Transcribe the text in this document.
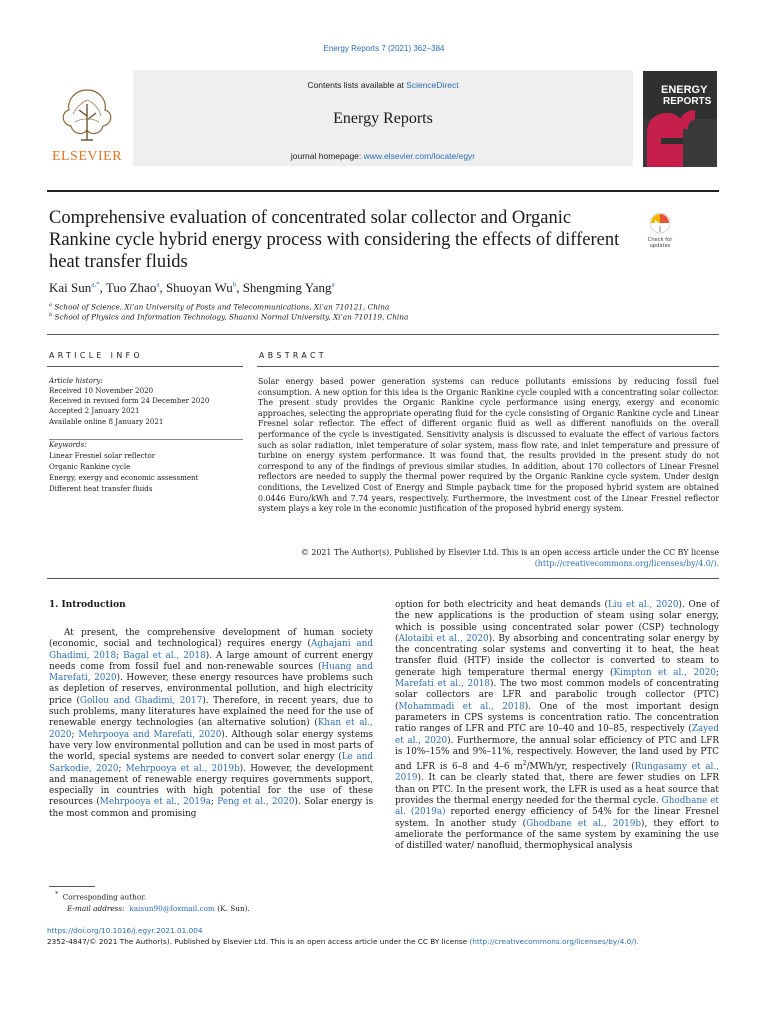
Energy Reports 7 (2021) 362–384
ELSEVIER
Contents lists available at ScienceDirect
Energy Reports
journal homepage: www.elsevier.com/locate/egyr
ENERGY
REPORTS
Comprehensive evaluation of concentrated solar collector and Organic Rankine cycle hybrid energy process with considering the effects of different heat transfer fluids
Check for
updates
Kai Sun$^{a,*}$, Tuo Zhao$^a$, Shuoyan Wu$^b$, Shengming Yang$^a$
$^a$ School of Science, Xi’an University of Posts and Telecommunications, Xi’an 710121, China
$^b$ School of Physics and Information Technology, Shaanxi Normal University, Xi’an 710119, China
ARTICLE INFO
Article history:
Received 10 November 2020
Received in revised form 24 December 2020
Accepted 2 January 2021
Available online 8 January 2021
Keywords:
Linear Fresnel solar reflector
Organic Rankine cycle
Energy, exergy and economic assessment
Different heat transfer fluids
ABSTRACT
Solar energy based power generation systems can reduce pollutants emissions by reducing fossil fuel consumption. A new option for this idea is the Organic Rankine cycle coupled with a concentrating solar collector. The present study provides the Organic Rankine cycle performance using energy, exergy and economic approaches, selecting the appropriate operating fluid for the cycle consisting of Organic Rankine cycle and Linear Fresnel solar reflector. The effect of different organic fluid as well as different nanofluids on the overall performance of the cycle is investigated. Sensitivity analysis is discussed to evaluate the effect of various factors such as solar radiation, inlet temperature of solar system, mass flow rate, and inlet temperature and pressure of turbine on energy system performance. It was found that, the results provided in the present study do not correspond to any of the findings of previous similar studies. In addition, about 170 collectors of Linear Fresnel reflectors are needed to supply the thermal power required by the Organic Rankine cycle system. Under design conditions, the Levelized Cost of Energy and Simple payback time for the proposed hybrid system are obtained 0.0446 Euro/kWh and 7.74 years, respectively. Furthermore, the investment cost of the Linear Fresnel reflector system plays a key role in the economic justification of the proposed hybrid energy system.
© 2021 The Author(s). Published by Elsevier Ltd. This is an open access article under the CC BY license
(http://creativecommons.org/licenses/by/4.0/).
1. Introduction
At present, the comprehensive development of human society (economic, social and technological) requires energy (Aghajani and Ghadimi, 2018; Bagal et al., 2018). A large amount of current energy needs come from fossil fuel and non-renewable sources (Huang and Marefati, 2020). However, these energy resources have problems such as depletion of reserves, environmental pollution, and high electricity price (Gollou and Ghadimi, 2017). Therefore, in recent years, due to such problems, many literatures have explained the need for the use of renewable energy technologies (an alternative solution) (Khan et al., 2020; Mehrpooya and Marefati, 2020). Although solar energy systems have very low environmental pollution and can be used in most parts of the world, special systems are needed to convert solar energy (Le and Sarkodie, 2020; Mehrpooya et al., 2019b). However, the development and management of renewable energy requires governments support, especially in countries with high potential for the use of these resources (Mehrpooya et al., 2019a; Peng et al., 2020). Solar energy is the most common and promising
option for both electricity and heat demands (Liu et al., 2020). One of the new applications is the production of steam using solar energy, which is possible using concentrated solar power (CSP) technology (Alotaibi et al., 2020). By absorbing and concentrating solar energy by the concentrating solar systems and converting it to heat, the heat transfer fluid (HTF) inside the collector is converted to steam to generate high temperature thermal energy (Kimpton et al., 2020; Marefati et al., 2018). The two most common models of concentrating solar collectors are LFR and parabolic trough collector (PTC) (Mohammadi et al., 2018). One of the most important design parameters in CPS systems is concentration ratio. The concentration ratio ranges of LFR and PTC are 10–40 and 10–85, respectively (Zayed et al., 2020). Furthermore, the annual solar efficiency of PTC and LFR is 10%–15% and 9%–11%, respectively. However, the land used by PTC and LFR is 6–8 and 4–6 $m^2/MWh/yr$, respectively (Rungasamy et al., 2019). It can be clearly stated that, there are fewer studies on LFR than on PTC. In the present work, the LFR is used as a heat source that provides the thermal energy needed for the thermal cycle. Ghodbane et al. (2019a) reported energy efficiency of 54% for the linear Fresnel system. In another study (Ghodbane et al., 2019b), they effort to ameliorate the performance of the same system by examining the use of distilled water/ nanofluid, thermophysical analysis
* Corresponding author.
E-mail address: kaisun90@foxmail.com (K. Sun).
https://doi.org/10.1016/j.egyr.2021.01.004
2352-4847/© 2021 The Author(s). Published by Elsevier Ltd. This is an open access article under the CC BY license (http://creativecommons.org/licenses/by/4.0/).
